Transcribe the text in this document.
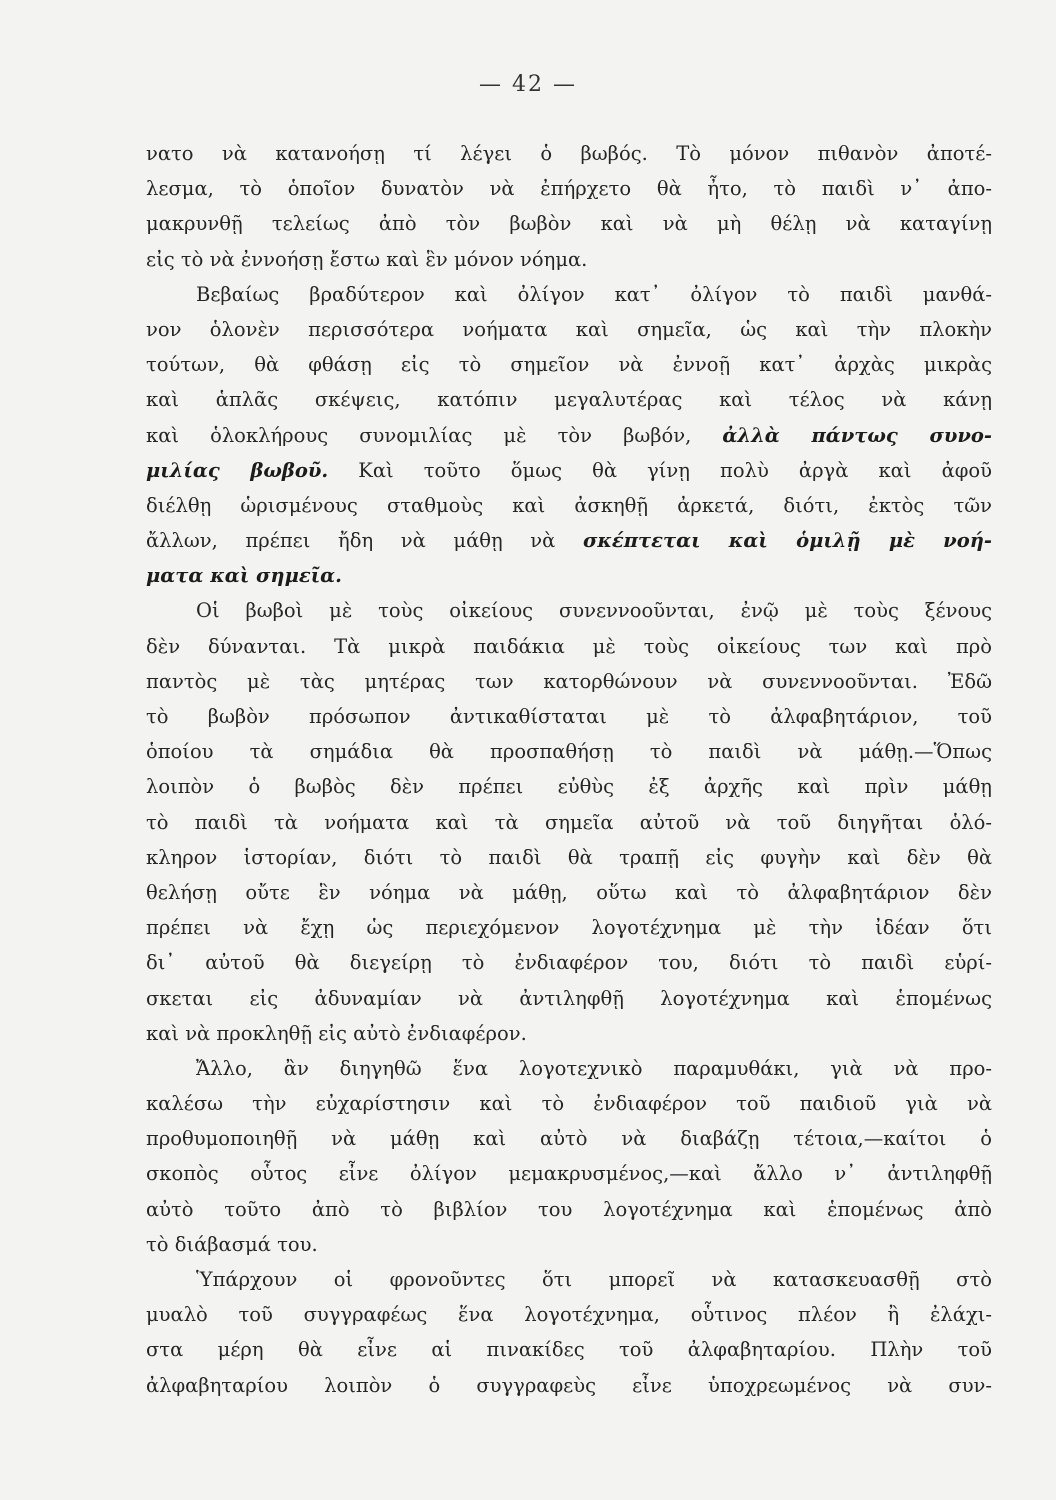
— 42 —
νατο νὰ κατανοήσῃ τί λέγει ὁ βωβός. Τὸ μόνον πιθανὸν ἀποτέ-
λεσμα, τὸ ὁποῖον δυνατὸν νὰ ἐπήρχετο θὰ ἦτο, τὸ παιδὶ ν᾽ ἀπο-
μακρυνθῇ τελείως ἀπὸ τὸν βωβὸν καὶ νὰ μὴ θέλῃ νὰ καταγίνῃ
εἰς τὸ νὰ ἐννοήσῃ ἔστω καὶ ἓν μόνον νόημα.
Βεβαίως βραδύτερον καὶ ὀλίγον κατ᾽ ὀλίγον τὸ παιδὶ μανθά-
νον ὁλονὲν περισσότερα νοήματα καὶ σημεῖα, ὡς καὶ τὴν πλοκὴν
τούτων, θὰ φθάσῃ εἰς τὸ σημεῖον νὰ ἐννοῇ κατ᾽ ἀρχὰς μικρὰς
καὶ ἁπλᾶς σκέψεις, κατόπιν μεγαλυτέρας καὶ τέλος νὰ κάνῃ
καὶ ὁλοκλήρους συνομιλίας μὲ τὸν βωβόν, ἀλλὰ πάντως συνο-
μιλίας βωβοῦ. Καὶ τοῦτο ὅμως θὰ γίνῃ πολὺ ἀργὰ καὶ ἀφοῦ
διέλθῃ ὡρισμένους σταθμοὺς καὶ ἀσκηθῇ ἀρκετά, διότι, ἐκτὸς τῶν
ἄλλων, πρέπει ἤδη νὰ μάθῃ νὰ σκέπτεται καὶ ὁμιλῇ μὲ νοή-
ματα καὶ σημεῖα.
Οἱ βωβοὶ μὲ τοὺς οἰκείους συνεννοοῦνται, ἐνῷ μὲ τοὺς ξένους
δὲν δύνανται. Τὰ μικρὰ παιδάκια μὲ τοὺς οἰκείους των καὶ πρὸ
παντὸς μὲ τὰς μητέρας των κατορθώνουν νὰ συνεννοοῦνται. Ἐδῶ
τὸ βωβὸν πρόσωπον ἀντικαθίσταται μὲ τὸ ἀλφαβητάριον, τοῦ
ὁποίου τὰ σημάδια θὰ προσπαθήσῃ τὸ παιδὶ νὰ μάθῃ.—Ὅπως
λοιπὸν ὁ βωβὸς δὲν πρέπει εὐθὺς ἐξ ἀρχῆς καὶ πρὶν μάθῃ
τὸ παιδὶ τὰ νοήματα καὶ τὰ σημεῖα αὐτοῦ νὰ τοῦ διηγῆται ὁλό-
κληρον ἱστορίαν, διότι τὸ παιδὶ θὰ τραπῇ εἰς φυγὴν καὶ δὲν θὰ
θελήσῃ οὔτε ἓν νόημα νὰ μάθῃ, οὕτω καὶ τὸ ἀλφαβητάριον δὲν
πρέπει νὰ ἔχῃ ὡς περιεχόμενον λογοτέχνημα μὲ τὴν ἰδέαν ὅτι
δι᾽ αὐτοῦ θὰ διεγείρῃ τὸ ἐνδιαφέρον του, διότι τὸ παιδὶ εὑρί-
σκεται εἰς ἀδυναμίαν νὰ ἀντιληφθῇ λογοτέχνημα καὶ ἑπομένως
καὶ νὰ προκληθῇ εἰς αὐτὸ ἐνδιαφέρον.
Ἄλλο, ἂν διηγηθῶ ἕνα λογοτεχνικὸ παραμυθάκι, γιὰ νὰ προ-
καλέσω τὴν εὐχαρίστησιν καὶ τὸ ἐνδιαφέρον τοῦ παιδιοῦ γιὰ νὰ
προθυμοποιηθῇ νὰ μάθῃ καὶ αὐτὸ νὰ διαβάζῃ τέτοια,—καίτοι ὁ
σκοπὸς οὗτος εἶνε ὀλίγον μεμακρυσμένος,—καὶ ἄλλο ν᾽ ἀντιληφθῇ
αὐτὸ τοῦτο ἀπὸ τὸ βιβλίον του λογοτέχνημα καὶ ἑπομένως ἀπὸ
τὸ διάβασμά του.
Ὑπάρχουν οἱ φρονοῦντες ὅτι μπορεῖ νὰ κατασκευασθῇ στὸ
μυαλὸ τοῦ συγγραφέως ἕνα λογοτέχνημα, οὗτινος πλέον ἢ ἐλάχι-
στα μέρη θὰ εἶνε αἱ πινακίδες τοῦ ἀλφαβηταρίου. Πλὴν τοῦ
ἀλφαβηταρίου λοιπὸν ὁ συγγραφεὺς εἶνε ὑποχρεωμένος νὰ συν-
